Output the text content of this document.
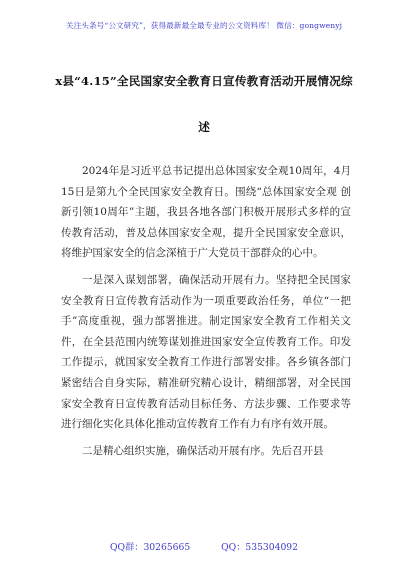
关注头条号“公文研究”，获得最新最全最专业的公文资料库！ 微信：gongwenyj
x县“4.15”全民国家安全教育日宣传教育活动开展情况综
述

2024年是习近平总书记提出总体国家安全观10周年，4月15日是第九个全民国家安全教育日。围绕“总体国家安全观 创新引领10周年”主题，我县各地各部门积极开展形式多样的宣传教育活动，普及总体国家安全观，提升全民国家安全意识，将维护国家安全的信念深植于广大党员干部群众的心中。

一是深入谋划部署，确保活动开展有力。坚持把全民国家安全教育日宣传教育活动作为一项重要政治任务，单位“一把手”高度重视，强力部署推进。制定国家安全教育工作相关文件，在全县范围内统筹谋划推进国家安全宣传教育工作。印发工作提示，就国家安全教育工作进行部署安排。各乡镇各部门紧密结合自身实际，精准研究精心设计，精细部署，对全民国家安全教育日宣传教育活动目标任务、方法步骤、工作要求等进行细化实化具体化推动宣传教育工作有力有序有效开展。

二是精心组织实施，确保活动开展有序。先后召开县

QQ群：30265665	QQ：535304092
